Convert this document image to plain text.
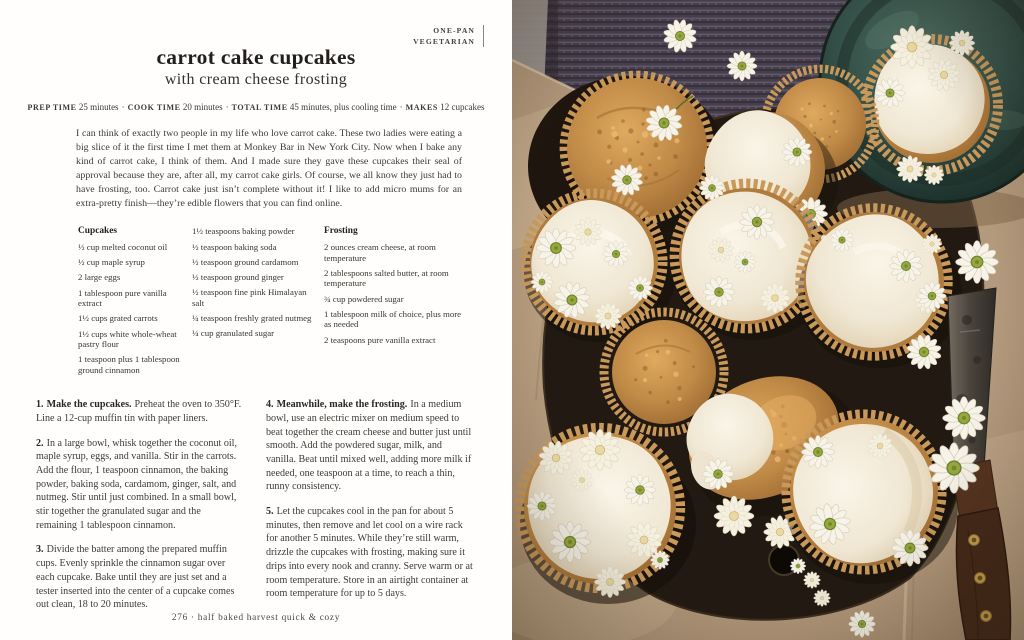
ONE-PAN
VEGETARIAN
carrot cake cupcakes
with cream cheese frosting

PREP TIME 25 minutes · COOK TIME 20 minutes · TOTAL TIME 45 minutes, plus cooling time · MAKES 12 cupcakes

I can think of exactly two people in my life who love carrot cake. These two ladies were eating a big slice of it the first time I met them at Monkey Bar in New York City. Now when I bake any kind of carrot cake, I think of them. And I made sure they gave these cupcakes their seal of approval because they are, after all, my carrot cake girls. Of course, we all know they just had to have frosting, too. Carrot cake just isn’t complete without it! I like to add micro mums for an extra-pretty finish—they’re edible flowers that you can find online.

Cupcakes

½ cup melted coconut oil

½ cup maple syrup

2 large eggs

1 tablespoon pure vanilla extract

1½ cups grated carrots

1½ cups white whole-wheat pastry flour

1 teaspoon plus 1 tablespoon ground cinnamon

1½ teaspoons baking powder

½ teaspoon baking soda

½ teaspoon ground cardamom

½ teaspoon ground ginger

½ teaspoon fine pink Himalayan salt

¼ teaspoon freshly grated nutmeg

¼ cup granulated sugar

Frosting

2 ounces cream cheese, at room temperature

2 tablespoons salted butter, at room temperature

¾ cup powdered sugar

1 tablespoon milk of choice, plus more as needed

2 teaspoons pure vanilla extract

1. Make the cupcakes. Preheat the oven to 350°F. Line a 12-cup muffin tin with paper liners.

2. In a large bowl, whisk together the coconut oil, maple syrup, eggs, and vanilla. Stir in the carrots. Add the flour, 1 teaspoon cinnamon, the baking powder, baking soda, cardamom, ginger, salt, and nutmeg. Stir until just combined. In a small bowl, stir together the granulated sugar and the remaining 1 tablespoon cinnamon.

3. Divide the batter among the prepared muffin cups. Evenly sprinkle the cinnamon sugar over each cupcake. Bake until they are just set and a tester inserted into the center of a cupcake comes out clean, 18 to 20 minutes.

4. Meanwhile, make the frosting. In a medium bowl, use an electric mixer on medium speed to beat together the cream cheese and butter just until smooth. Add the powdered sugar, milk, and vanilla. Beat until mixed well, adding more milk if needed, one teaspoon at a time, to reach a thin, runny consistency.

5. Let the cupcakes cool in the pan for about 5 minutes, then remove and let cool on a wire rack for another 5 minutes. While they’re still warm, drizzle the cupcakes with frosting, making sure it drips into every nook and cranny. Serve warm or at room temperature. Store in an airtight container at room temperature for up to 5 days.

276 · half baked harvest quick & cozy
